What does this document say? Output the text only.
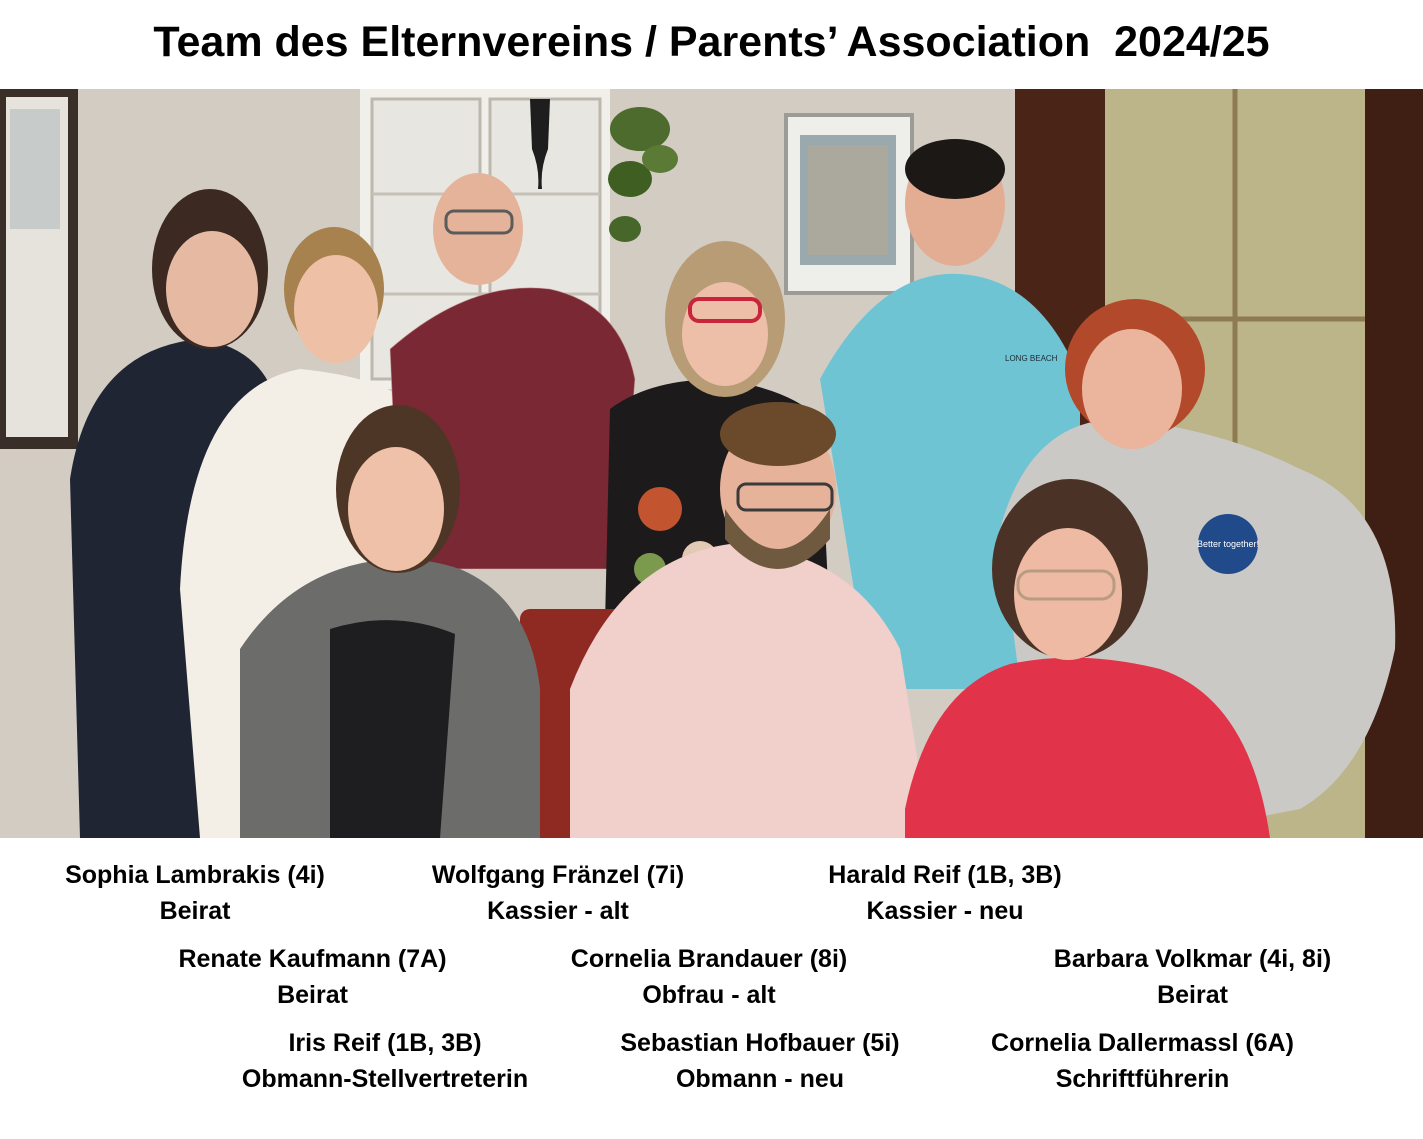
Team des Elternvereins / Parents’ Association  2024/25
LONG BEACH
Better together!
Sophia Lambrakis (4i)
Beirat
Wolfgang Fränzel (7i)
Kassier - alt
Harald Reif (1B, 3B)
Kassier - neu
Renate Kaufmann (7A)
Beirat
Cornelia Brandauer (8i)
Obfrau - alt
Barbara Volkmar (4i, 8i)
Beirat
Iris Reif (1B, 3B)
Obmann-Stellvertreterin
Sebastian Hofbauer (5i)
Obmann - neu
Cornelia Dallermassl (6A)
Schriftführerin
